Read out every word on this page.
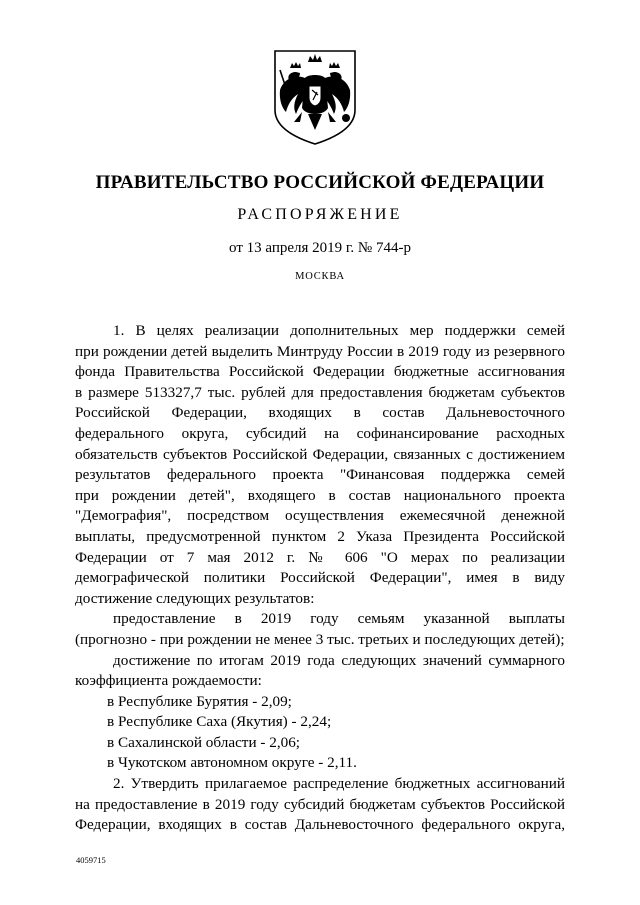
ПРАВИТЕЛЬСТВО РОССИЙСКОЙ ФЕДЕРАЦИИ
РАСПОРЯЖЕНИЕ
от 13 апреля 2019 г. № 744-р
МОСКВА
1. В целях реализации дополнительных мер поддержки семей
при рождении детей выделить Минтруду России в 2019 году из резервного
фонда Правительства Российской Федерации бюджетные ассигнования
в размере 513327,7 тыс. рублей для предоставления бюджетам субъектов
Российской Федерации, входящих в состав Дальневосточного
федерального округа, субсидий на софинансирование расходных
обязательств субъектов Российской Федерации, связанных с достижением
результатов федерального проекта "Финансовая поддержка семей
при рождении детей", входящего в состав национального проекта
"Демография", посредством осуществления ежемесячной денежной
выплаты, предусмотренной пунктом 2 Указа Президента Российской
Федерации от 7 мая 2012 г. № 606 "О мерах по реализации
демографической политики Российской Федерации", имея в виду
достижение следующих результатов:
предоставление в 2019 году семьям указанной выплаты
(прогнозно - при рождении не менее 3 тыс. третьих и последующих детей);
достижение по итогам 2019 года следующих значений суммарного
коэффициента рождаемости:
в Республике Бурятия - 2,09;
в Республике Саха (Якутия) - 2,24;
в Сахалинской области - 2,06;
в Чукотском автономном округе - 2,11.
2. Утвердить прилагаемое распределение бюджетных ассигнований
на предоставление в 2019 году субсидий бюджетам субъектов Российской
Федерации, входящих в состав Дальневосточного федерального округа,
4059715
